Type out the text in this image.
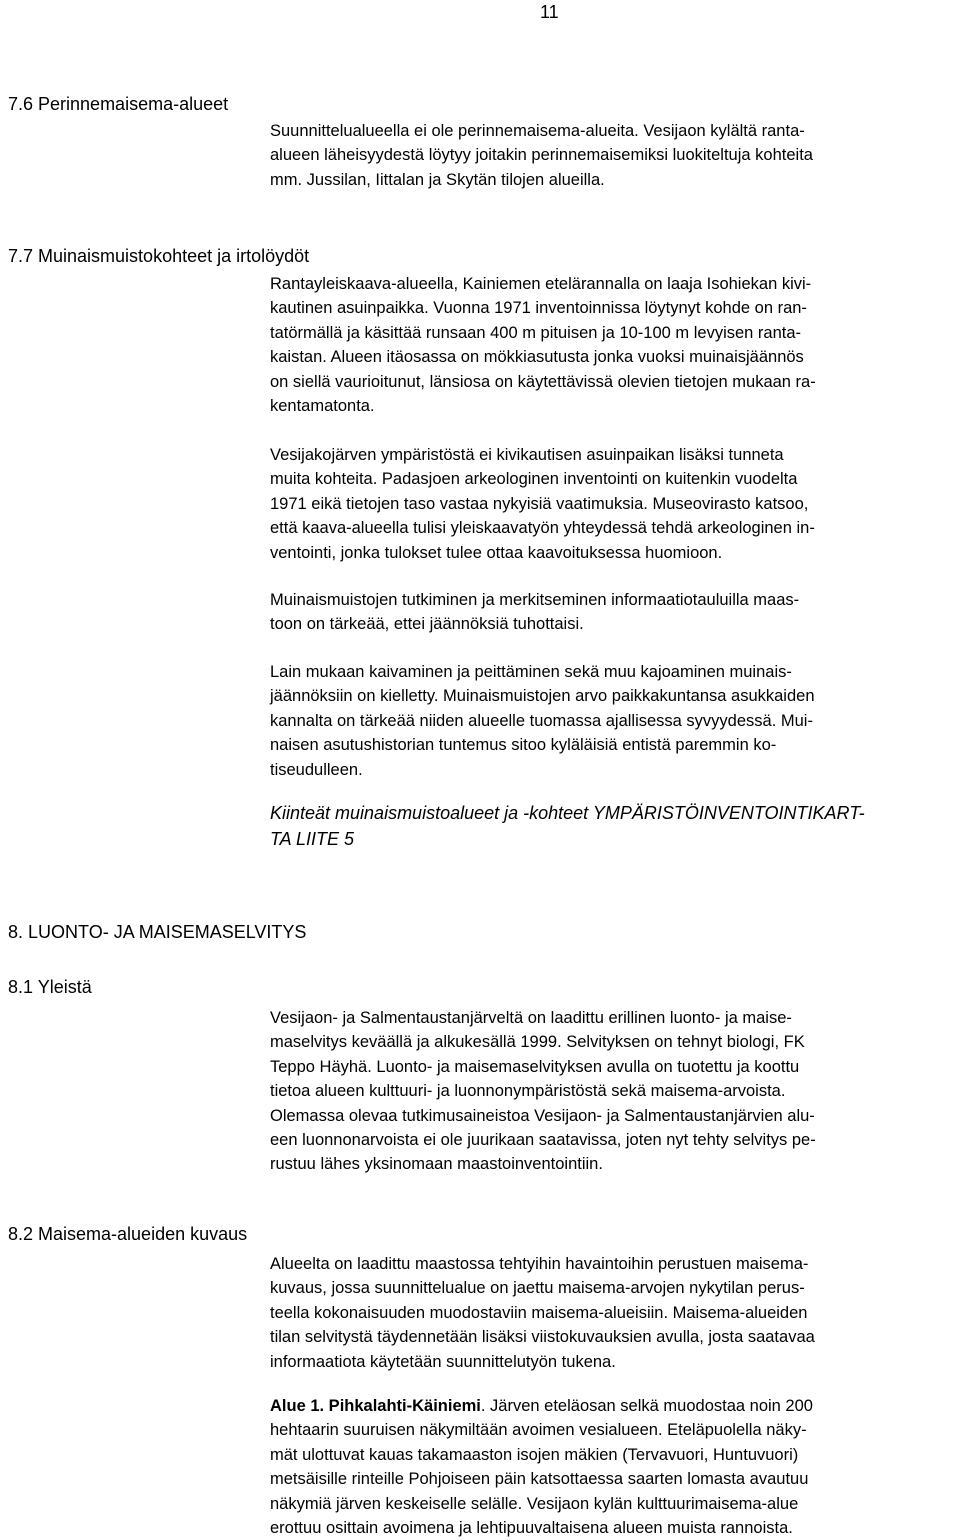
11
7.6 Perinnemaisema-alueet
Suunnittelualueella ei ole perinnemaisema-alueita. Vesijaon kylältä ranta-
alueen läheisyydestä löytyy joitakin perinnemaisemiksi luokiteltuja kohteita
mm. Jussilan, Iittalan ja Skytän tilojen alueilla.
7.7 Muinaismuistokohteet ja irtolöydöt
Rantayleiskaava-alueella, Kainiemen etelärannalla on laaja Isohiekan kivi-
kautinen asuinpaikka. Vuonna 1971 inventoinnissa löytynyt kohde on ran-
tatörmällä ja käsittää runsaan 400 m pituisen ja 10-100 m levyisen ranta-
kaistan. Alueen itäosassa on mökkiasutusta jonka vuoksi muinaisjäännös
on siellä vaurioitunut, länsiosa on käytettävissä olevien tietojen mukaan ra-
kentamatonta.
Vesijakojärven ympäristöstä ei kivikautisen asuinpaikan lisäksi tunneta
muita kohteita. Padasjoen arkeologinen inventointi on kuitenkin vuodelta
1971 eikä tietojen taso vastaa nykyisiä vaatimuksia. Museovirasto katsoo,
että kaava-alueella tulisi yleiskaavatyön yhteydessä tehdä arkeologinen in-
ventointi, jonka tulokset tulee ottaa kaavoituksessa huomioon.
Muinaismuistojen tutkiminen ja merkitseminen informaatiotauluilla maas-
toon on tärkeää, ettei jäännöksiä tuhottaisi.
Lain mukaan kaivaminen ja peittäminen sekä muu kajoaminen muinais-
jäännöksiin on kielletty. Muinaismuistojen arvo paikkakuntansa asukkaiden
kannalta on tärkeää niiden alueelle tuomassa ajallisessa syvyydessä. Mui-
naisen asutushistorian tuntemus sitoo kyläläisiä entistä paremmin ko-
tiseudulleen.
Kiinteät muinaismuistoalueet ja -kohteet YMPÄRISTÖINVENTOINTIKART-
TA LIITE 5
8. LUONTO- JA MAISEMASELVITYS
8.1 Yleistä
Vesijaon- ja Salmentaustanjärveltä on laadittu erillinen luonto- ja maise-
maselvitys keväällä ja alkukesällä 1999. Selvityksen on tehnyt biologi, FK
Teppo Häyhä. Luonto- ja maisemaselvityksen avulla on tuotettu ja koottu
tietoa alueen kulttuuri- ja luonnonympäristöstä sekä maisema-arvoista.
Olemassa olevaa tutkimusaineistoa Vesijaon- ja Salmentaustanjärvien alu-
een luonnonarvoista ei ole juurikaan saatavissa, joten nyt tehty selvitys pe-
rustuu lähes yksinomaan maastoinventointiin.
8.2 Maisema-alueiden kuvaus
Alueelta on laadittu maastossa tehtyihin havaintoihin perustuen maisema-
kuvaus, jossa suunnittelualue on jaettu maisema-arvojen nykytilan perus-
teella kokonaisuuden muodostaviin maisema-alueisiin. Maisema-alueiden
tilan selvitystä täydennetään lisäksi viistokuvauksien avulla, josta saatavaa
informaatiota käytetään suunnittelutyön tukena.
Alue 1. Pihkalahti-Käiniemi. Järven eteläosan selkä muodostaa noin 200
hehtaarin suuruisen näkymiltään avoimen vesialueen. Eteläpuolella näky-
mät ulottuvat kauas takamaaston isojen mäkien (Tervavuori, Huntuvuori)
metsäisille rinteille Pohjoiseen päin katsottaessa saarten lomasta avautuu
näkymiä järven keskeiselle selälle. Vesijaon kylän kulttuurimaisema-alue
erottuu osittain avoimena ja lehtipuuvaltaisena alueen muista rannoista.
